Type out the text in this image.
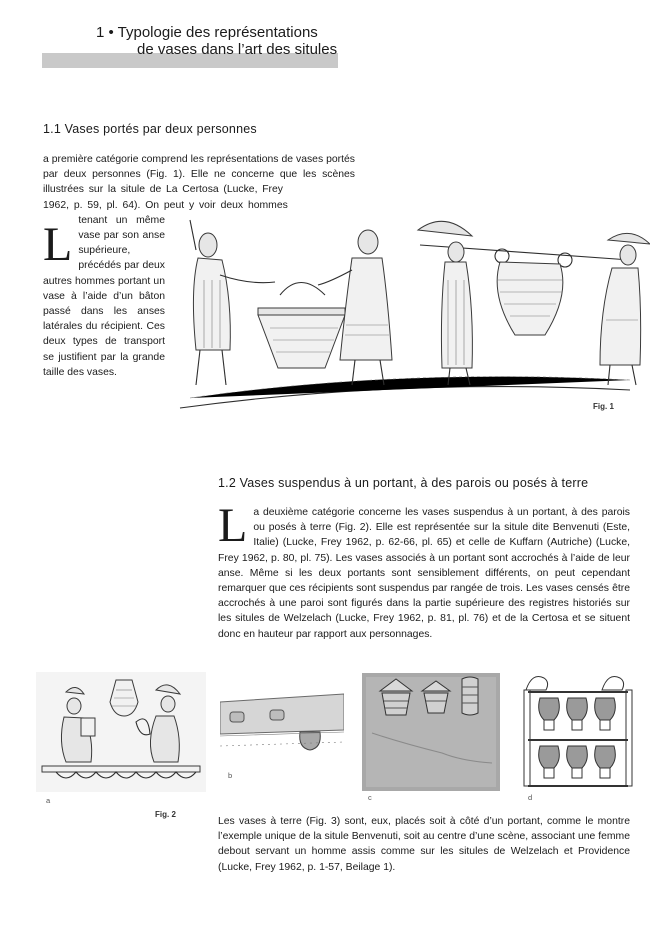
1 • Typologie des représentations
de vases dans l’art des situles
1.1 Vases portés par deux personnes
L
a première catégorie comprend les représentations de vases portés par deux personnes (Fig. 1). Elle ne concerne que les scènes illustrées sur la situle de La Certosa (Lucke, Frey 1962, p. 59, pl. 64). On peut y voir deux hommes tenant un même vase par son anse supérieure, précédés par deux autres hommes portant un vase à l’aide d’un bâton passé dans les anses latérales du récipient. Ces deux types de transport se justifient par la grande taille des vases.
Fig. 1
1.2 Vases suspendus à un portant, à des parois ou posés à terre
La deuxième catégorie concerne les vases suspendus à un portant, à des parois ou posés à terre (Fig. 2). Elle est représentée sur la situle dite Benvenuti (Este, Italie) (Lucke, Frey 1962, p. 62-66, pl. 65) et celle de Kuffarn (Autriche) (Lucke, Frey 1962, p. 80, pl. 75). Les vases associés à un portant sont accrochés à l’aide de leur anse. Même si les deux portants sont sensiblement différents, on peut cependant remarquer que ces récipients sont suspendus par rangée de trois. Les vases censés être accrochés à une paroi sont figurés dans la partie supérieure des registres historiés sur les situles de Welzelach (Lucke, Frey 1962, p. 81, pl. 76) et de la Certosa et se situent donc en hauteur par rapport aux personnages.
a
b
c	d
Fig. 2
Les vases à terre (Fig. 3) sont, eux, placés soit à côté d’un portant, comme le montre l’exemple unique de la situle Benvenuti, soit au centre d’une scène, associant une femme debout servant un homme assis comme sur les situles de Welzelach et Providence (Lucke, Frey 1962, p. 1-57, Beilage 1).
